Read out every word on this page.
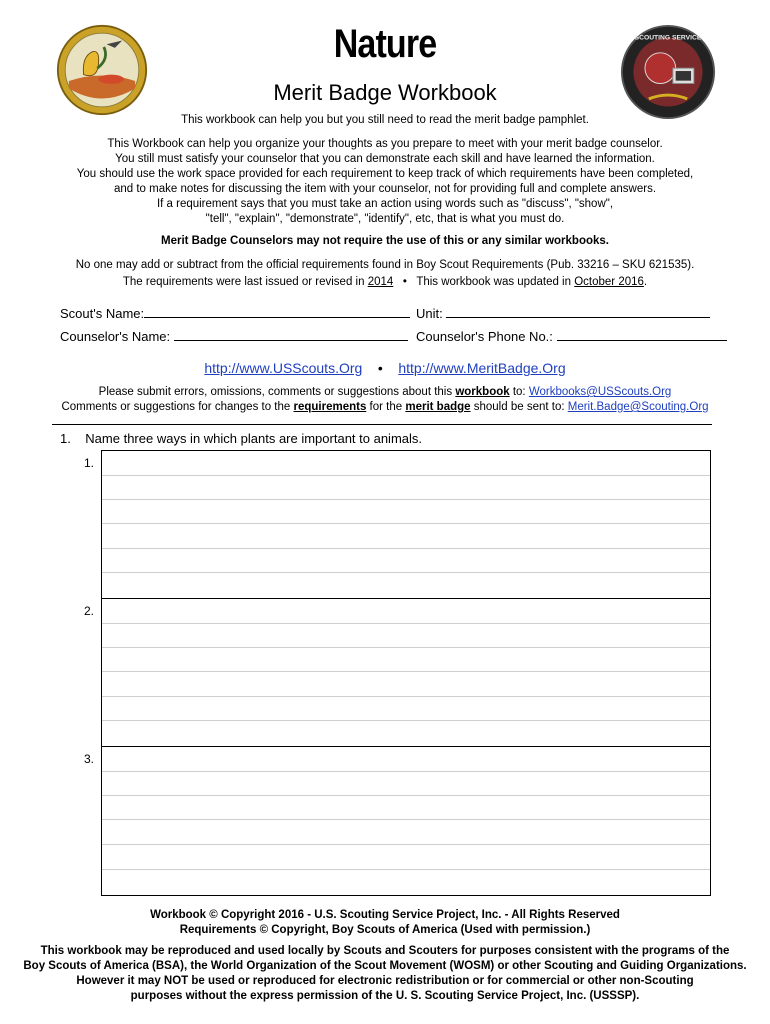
SCOUTING SERVICE
Nature
Merit Badge Workbook
This workbook can help you but you still need to read the merit badge pamphlet.
This Workbook can help you organize your thoughts as you prepare to meet with your merit badge counselor.
You still must satisfy your counselor that you can demonstrate each skill and have learned the information.
You should use the work space provided for each requirement to keep track of which requirements have been completed,
and to make notes for discussing the item with your counselor, not for providing full and complete answers.
If a requirement says that you must take an action using words such as "discuss", "show",
"tell", "explain", "demonstrate", "identify", etc, that is what you must do.
Merit Badge Counselors may not require the use of this or any similar workbooks.
No one may add or subtract from the official requirements found in Boy Scout Requirements (Pub. 33216 – SKU 621535).
The requirements were last issued or revised in 2014 • This workbook was updated in October 2016.
Scout's Name:	Unit:
Counselor's Name:	Counselor's Phone No.:
http://www.USScouts.Org • http://www.MeritBadge.Org
Please submit errors, omissions, comments or suggestions about this workbook to: Workbooks@USScouts.Org
Comments or suggestions for changes to the requirements for the merit badge should be sent to: Merit.Badge@Scouting.Org
1. Name three ways in which plants are important to animals.
1.
2.
3.
Workbook © Copyright 2016 - U.S. Scouting Service Project, Inc. - All Rights Reserved
Requirements © Copyright, Boy Scouts of America (Used with permission.)
This workbook may be reproduced and used locally by Scouts and Scouters for purposes consistent with the programs of the
Boy Scouts of America (BSA), the World Organization of the Scout Movement (WOSM) or other Scouting and Guiding Organizations.
However it may NOT be used or reproduced for electronic redistribution or for commercial or other non-Scouting
purposes without the express permission of the U. S. Scouting Service Project, Inc. (USSSP).
